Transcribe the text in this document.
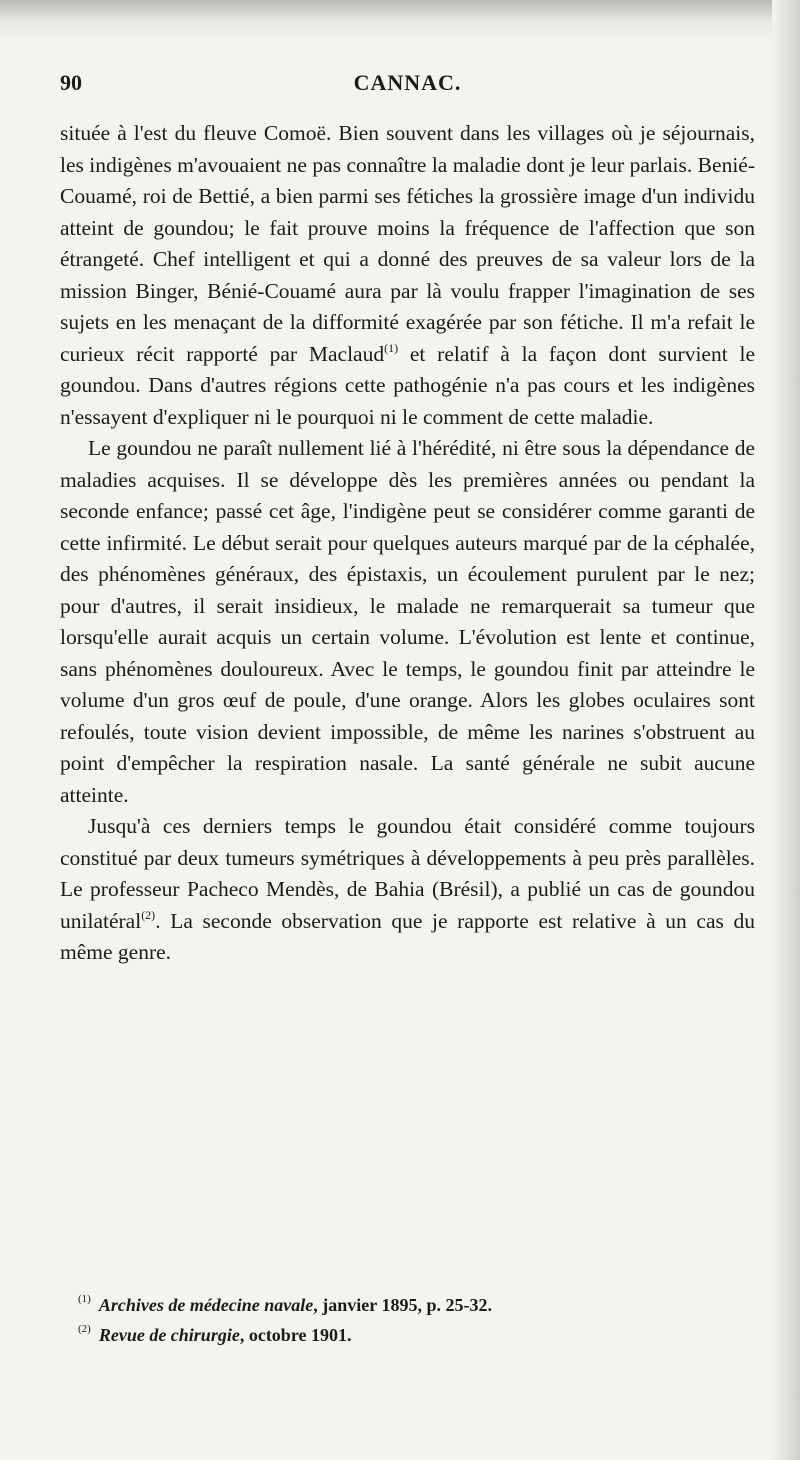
90	CANNAC.

située à l'est du fleuve Comoë. Bien souvent dans les villages où je séjournais, les indigènes m'avouaient ne pas connaître la maladie dont je leur parlais. Benié-Couamé, roi de Bettié, a bien parmi ses fétiches la grossière image d'un individu atteint de goundou; le fait prouve moins la fréquence de l'affection que son étrangeté. Chef intelligent et qui a donné des preuves de sa valeur lors de la mission Binger, Bénié-Couamé aura par là voulu frapper l'imagination de ses sujets en les menaçant de la difformité exagérée par son fétiche. Il m'a refait le curieux récit rapporté par Maclaud$^{(1)}$ et relatif à la façon dont survient le goundou. Dans d'autres régions cette pathogénie n'a pas cours et les indigènes n'essayent d'expliquer ni le pourquoi ni le comment de cette maladie.

Le goundou ne paraît nullement lié à l'hérédité, ni être sous la dépendance de maladies acquises. Il se développe dès les premières années ou pendant la seconde enfance; passé cet âge, l'indigène peut se considérer comme garanti de cette infirmité. Le début serait pour quelques auteurs marqué par de la céphalée, des phénomènes généraux, des épistaxis, un écoulement purulent par le nez; pour d'autres, il serait insidieux, le malade ne remarquerait sa tumeur que lorsqu'elle aurait acquis un certain volume. L'évolution est lente et continue, sans phénomènes douloureux. Avec le temps, le goundou finit par atteindre le volume d'un gros œuf de poule, d'une orange. Alors les globes oculaires sont refoulés, toute vision devient impossible, de même les narines s'obstruent au point d'empêcher la respiration nasale. La santé générale ne subit aucune atteinte.

Jusqu'à ces derniers temps le goundou était considéré comme toujours constitué par deux tumeurs symétriques à développements à peu près parallèles. Le professeur Pacheco Mendès, de Bahia (Brésil), a publié un cas de goundou unilatéral$^{(2)}$. La seconde observation que je rapporte est relative à un cas du même genre.

$^{(1)}$ Archives de médecine navale, janvier 1895, p. 25-32.
$^{(2)}$ Revue de chirurgie, octobre 1901.
